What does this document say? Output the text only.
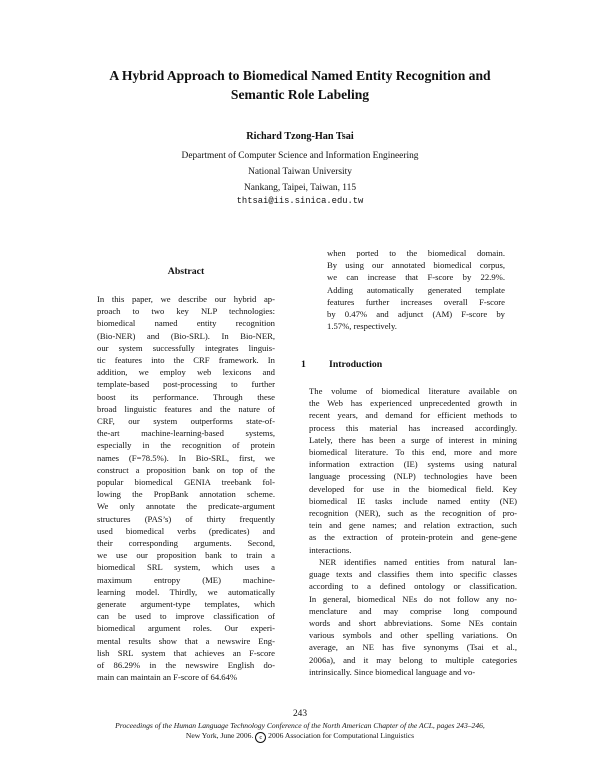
A Hybrid Approach to Biomedical Named Entity Recognition and
Semantic Role Labeling
Richard Tzong-Han Tsai
Department of Computer Science and Information Engineering
National Taiwan University
Nankang, Taipei, Taiwan, 115
thtsai@iis.sinica.edu.tw
Abstract
In this paper, we describe our hybrid ap-
proach to two key NLP technologies:
biomedical named entity recognition
(Bio-NER) and (Bio-SRL). In Bio-NER,
our system successfully integrates linguis-
tic features into the CRF framework. In
addition, we employ web lexicons and
template-based post-processing to further
boost its performance. Through these
broad linguistic features and the nature of
CRF, our system outperforms state-of-
the-art machine-learning-based systems,
especially in the recognition of protein
names (F=78.5%). In Bio-SRL, first, we
construct a proposition bank on top of the
popular biomedical GENIA treebank fol-
lowing the PropBank annotation scheme.
We only annotate the predicate-argument
structures (PAS’s) of thirty frequently
used biomedical verbs (predicates) and
their corresponding arguments. Second,
we use our proposition bank to train a
biomedical SRL system, which uses a
maximum entropy (ME) machine-
learning model. Thirdly, we automatically
generate argument-type templates, which
can be used to improve classification of
biomedical argument roles. Our experi-
mental results show that a newswire Eng-
lish SRL system that achieves an F-score
of 86.29% in the newswire English do-
main can maintain an F-score of 64.64%
when ported to the biomedical domain.
By using our annotated biomedical corpus,
we can increase that F-score by 22.9%.
Adding automatically generated template
features further increases overall F-score
by 0.47% and adjunct (AM) F-score by
1.57%, respectively.
1 Introduction
The volume of biomedical literature available on
the Web has experienced unprecedented growth in
recent years, and demand for efficient methods to
process this material has increased accordingly.
Lately, there has been a surge of interest in mining
biomedical literature. To this end, more and more
information extraction (IE) systems using natural
language processing (NLP) technologies have been
developed for use in the biomedical field. Key
biomedical IE tasks include named entity (NE)
recognition (NER), such as the recognition of pro-
tein and gene names; and relation extraction, such
as the extraction of protein-protein and gene-gene
interactions.
NER identifies named entities from natural lan-
guage texts and classifies them into specific classes
according to a defined ontology or classification.
In general, biomedical NEs do not follow any no-
menclature and may comprise long compound
words and short abbreviations. Some NEs contain
various symbols and other spelling variations. On
average, an NE has five synonyms (Tsai et al.,
2006a), and it may belong to multiple categories
intrinsically. Since biomedical language and vo-
243
Proceedings of the Human Language Technology Conference of the North American Chapter of the ACL, pages 243–246,
New York, June 2006. c 2006 Association for Computational Linguistics
